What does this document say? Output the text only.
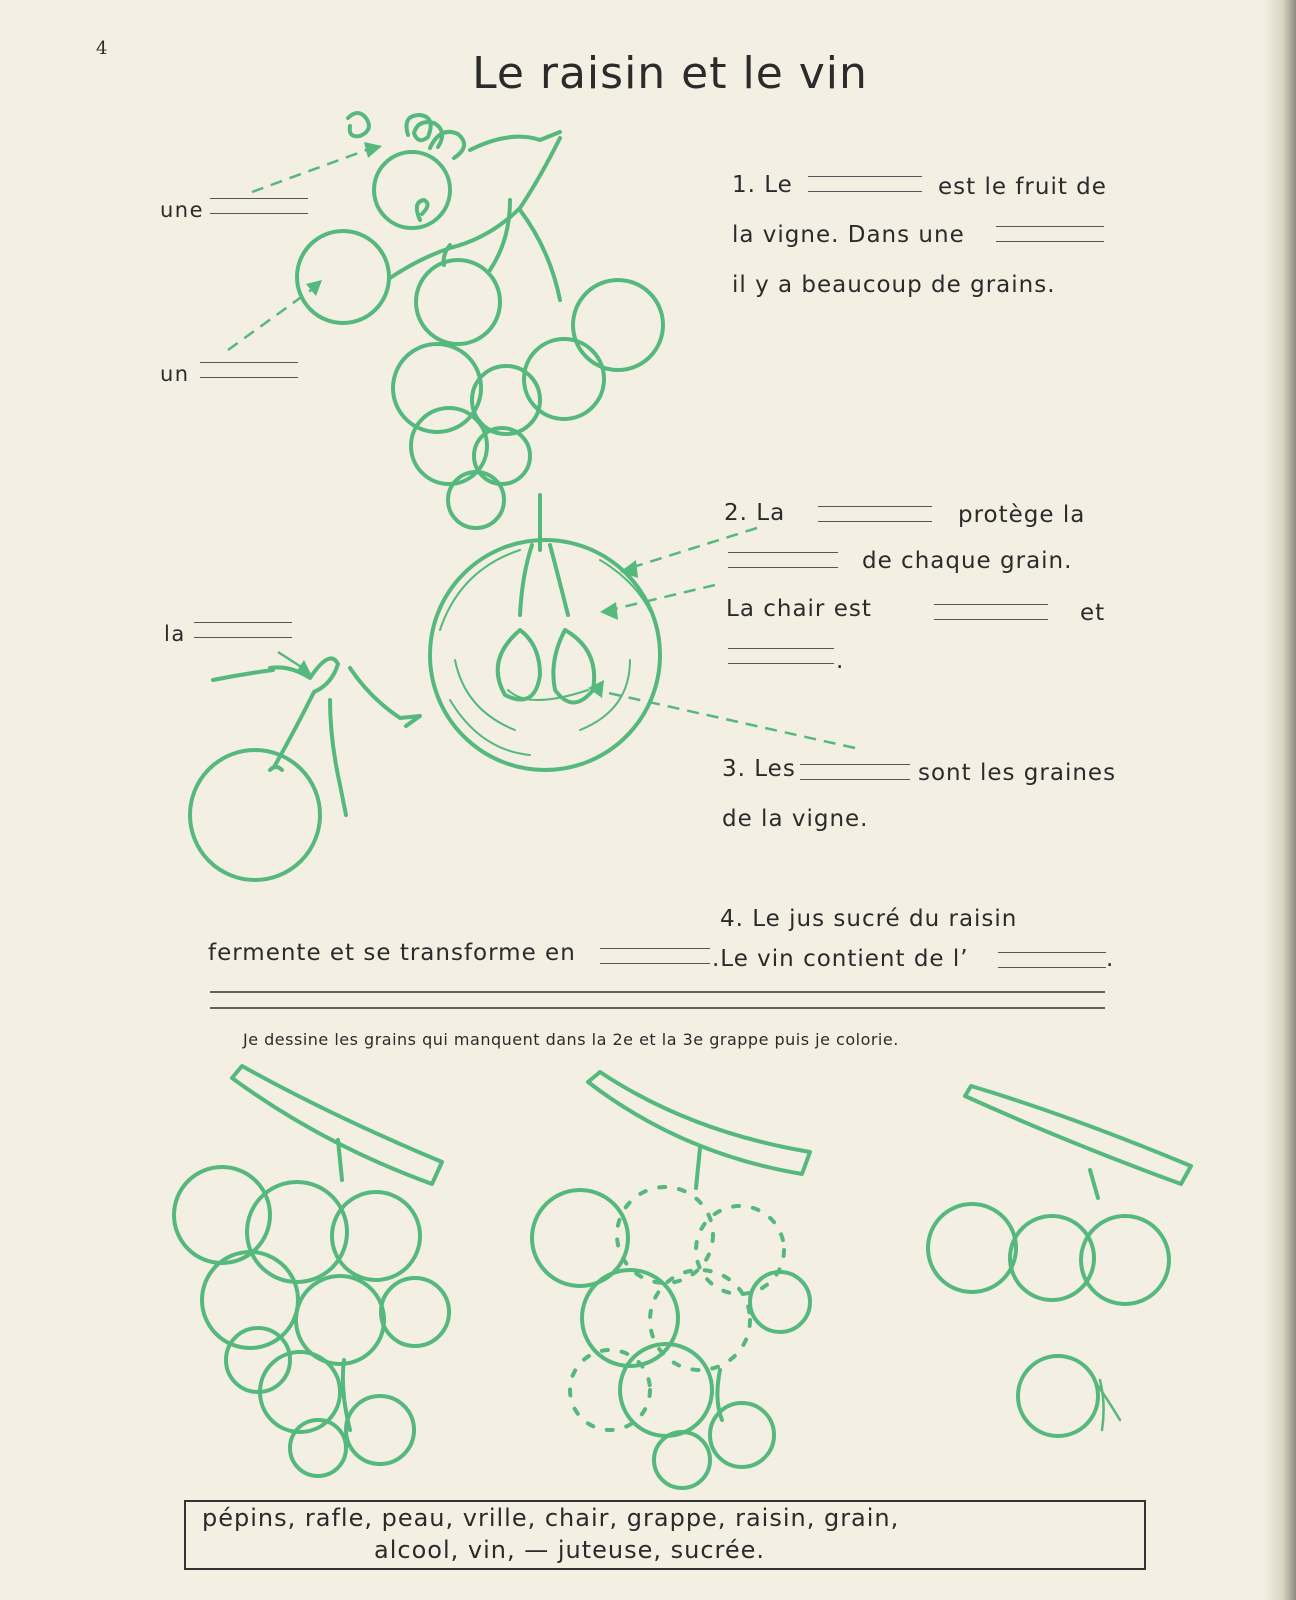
4	Le raisin et le vin
une
un
la
1. Le	est le fruit de
la vigne. Dans une
il y a beaucoup de grains.
2. La	protège la
de chaque grain.
La chair est	et
.
3. Les	sont les graines
de la vigne.
4. Le jus sucré du raisin
fermente et se transforme en	.Le vin contient de l’	.
Je dessine les grains qui manquent dans la 2e et la 3e grappe puis je colorie.
pépins, rafle, peau, vrille, chair, grappe, raisin, grain,
alcool, vin, — juteuse, sucrée.
